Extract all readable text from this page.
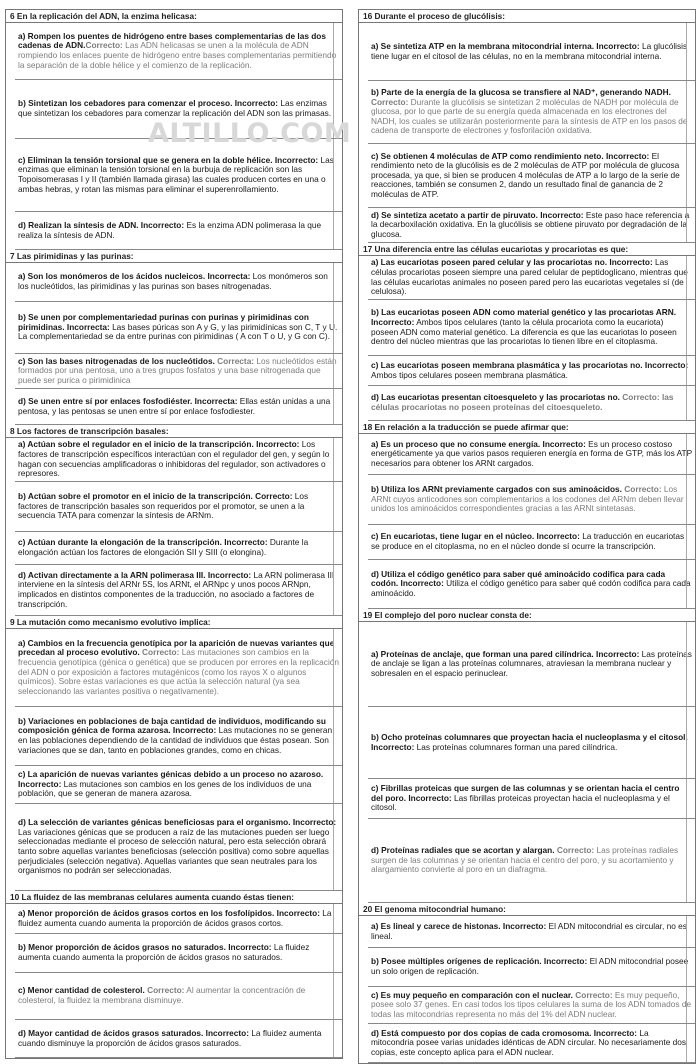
6 En la replicación del ADN, la enzima helicasa:
a) Rompen los puentes de hidrógeno entre bases complementarias de las dos cadenas de ADN.Correcto: Las ADN helicasas se unen a la molécula de ADN rompiendo los enlaces puente de hidrógeno entre bases complementarias permitiendo la separación de la doble hélice y el comienzo de la replicación.
b) Sintetizan los cebadores para comenzar el proceso. Incorrecto: Las enzimas que sintetizan los cebadores para comenzar la replicación del ADN son las primasas.
c) Eliminan la tensión torsional que se genera en la doble hélice. Incorrecto: Las enzimas que eliminan la tensión torsional en la burbuja de replicación son las Topoisomerasas I y II (también llamada girasa) las cuales producen cortes en una o ambas hebras, y rotan las mismas para eliminar el superenrollamiento.
d) Realizan la síntesis de ADN. Incorrecto: Es la enzima ADN polimerasa la que realiza la síntesis de ADN.
7 Las pirimidinas y las purinas:
a) Son los monómeros de los ácidos nucleicos. Incorrecta: Los monómeros son los nucleótidos, las pirimidinas y las purinas son bases nitrogenadas.
b) Se unen por complementariedad purinas con purinas y pirimidinas con pirimidinas. Incorrecta: Las bases púricas son A y G, y las pirimidínicas son C, T y U. La complementariedad se da entre purinas con pirimidinas ( A con T o U, y G con C).
c) Son las bases nitrogenadas de los nucleótidos. Correcta: Los nucleótidos están formados por una pentosa, uno a tres grupos fosfatos y una base nitrogenada que puede ser purica o pirimidinica
d) Se unen entre sí por enlaces fosfodiéster. Incorrecta: Ellas están unidas a una pentosa, y las pentosas se unen entre sí por enlace fosfodiester.
8 Los factores de transcripción basales:
a) Actúan sobre el regulador en el inicio de la transcripción. Incorrecto: Los factores de transcripción específicos interactúan con el regulador del gen, y según lo hagan con secuencias amplificadoras o inhibidoras del regulador, son activadores o represores.
b) Actúan sobre el promotor en el inicio de la transcripción. Correcto: Los factores de transcripción basales son requeridos por el promotor, se unen a la secuencia TATA para comenzar la síntesis de ARNm.
c) Actúan durante la elongación de la transcripción. Incorrecto: Durante la elongación actúan los factores de elongación SII y SIII (o elongina).
d) Activan directamente a la ARN polimerasa III. Incorrecto: La ARN polimerasa III interviene en la síntesis del ARNr 5S, los ARNt, el ARNpc y unos pocos ARNpn, implicados en distintos componentes de la traducción, no asociado a factores de transcripción.
9 La mutación como mecanismo evolutivo implica:
a) Cambios en la frecuencia genotípica por la aparición de nuevas variantes que precedan al proceso evolutivo. Correcto: Las mutaciones son cambios en la frecuencia genotípica (génica o genética) que se producen por errores en la replicación del ADN o por exposición a factores mutagénicos (como los rayos X o algunos químicos). Sobre estas variaciones es que actúa la selección natural (ya sea seleccionando las variantes positiva o negativamente).
b) Variaciones en poblaciones de baja cantidad de individuos, modificando su composición génica de forma azarosa. Incorrecto: Las mutaciones no se generan en las poblaciones dependiendo de la cantidad de individuos que éstas posean. Son variaciones que se dan, tanto en poblaciones grandes, como en chicas.
c) La aparición de nuevas variantes génicas debido a un proceso no azaroso. Incorrecto: Las mutaciones son cambios en los genes de los individuos de una población, que se generan de manera azarosa.
d) La selección de variantes génicas beneficiosas para el organismo. Incorrecto: Las variaciones génicas que se producen a raíz de las mutaciones pueden ser luego seleccionadas mediante el proceso de selección natural, pero esta selección obrará tanto sobre aquellas variantes beneficiosas (selección positiva) como sobre aquellas perjudiciales (selección negativa). Aquellas variantes que sean neutrales para los organismos no podrán ser seleccionadas.
10 La fluidez de las membranas celulares aumenta cuando éstas tienen:
a) Menor proporción de ácidos grasos cortos en los fosfolípidos. Incorrecto: La fluidez aumenta cuando aumenta la proporción de ácidos grasos cortos.
b) Menor proporción de ácidos grasos no saturados. Incorrecto: La fluidez aumenta cuando aumenta la proporción de ácidos grasos no saturados.
c) Menor cantidad de colesterol. Correcto: Al aumentar la concentración de colesterol, la fluidez la membrana disminuye.
d) Mayor cantidad de ácidos grasos saturados. Incorrecto: La fluidez aumenta cuando disminuye la proporción de ácidos grasos saturados.
16 Durante el proceso de glucólisis:
a) Se sintetiza ATP en la membrana mitocondrial interna. Incorrecto: La glucólisis tiene lugar en el citosol de las células, no en la membrana mitocondrial interna.
b) Parte de la energía de la glucosa se transfiere al NAD⁺, generando NADH. Correcto: Durante la glucólisis se sintetizan 2 moléculas de NADH por molécula de glucosa, por lo que parte de su energía queda almacenada en los electrones del NADH, los cuales se utilizarán posteriormente para la síntesis de ATP en los pasos de cadena de transporte de electrones y fosforilación oxidativa.
c) Se obtienen 4 moléculas de ATP como rendimiento neto. Incorrecto: El rendimiento neto de la glucólisis es de 2 moléculas de ATP por molécula de glucosa procesada, ya que, si bien se producen 4 moléculas de ATP a lo largo de la serie de reacciones, también se consumen 2, dando un resultado final de ganancia de 2 moléculas de ATP.
d) Se sintetiza acetato a partir de piruvato. Incorrecto: Este paso hace referencia a la decarboxilación oxidativa. En la glucólisis se obtiene piruvato por degradación de la glucosa.
17 Una diferencia entre las células eucariotas y procariotas es que:
a) Las eucariotas poseen pared celular y las procariotas no. Incorrecto: Las células procariotas poseen siempre una pared celular de peptidoglicano, mientras que las células eucariotas animales no poseen pared pero las eucariotas vegetales sí (de celulosa).
b) Las eucariotas poseen ADN como material genético y las procariotas ARN. Incorrecto: Ambos tipos celulares (tanto la célula procariota como la eucariota) poseen ADN como material genético. La diferencia es que las eucariotas lo poseen dentro del núcleo mientras que las procariotas lo tienen libre en el citoplasma.
c) Las eucariotas poseen membrana plasmática y las procariotas no. Incorrecto: Ambos tipos celulares poseen membrana plasmática.
d) Las eucariotas presentan citoesqueleto y las procariotas no. Correcto: las células procariotas no poseen proteínas del citoesqueleto.
18 En relación a la traducción se puede afirmar que:
a) Es un proceso que no consume energía. Incorrecto: Es un proceso costoso energéticamente ya que varios pasos requieren energía en forma de GTP, más los ATP necesarios para obtener los ARNt cargados.
b) Utiliza los ARNt previamente cargados con sus aminoácidos. Correcto: Los ARNt cuyos anticodones son complementarios a los codones del ARNm deben llevar unidos los aminoácidos correspondientes gracias a las ARNt sintetasas.
c) En eucariotas, tiene lugar en el núcleo. Incorrecto: La traducción en eucariotas se produce en el citoplasma, no en el núcleo donde sí ocurre la transcripción.
d) Utiliza el código genético para saber qué aminoácido codifica para cada codón. Incorrecto: Utiliza el código genético para saber qué codón codifica para cada aminoácido.
19 El complejo del poro nuclear consta de:
a) Proteínas de anclaje, que forman una pared cilíndrica. Incorrecto: Las proteínas de anclaje se ligan a las proteínas columnares, atraviesan la membrana nuclear y sobresalen en el espacio perinuclear.
b) Ocho proteínas columnares que proyectan hacia el nucleoplasma y el citosol. Incorrecto: Las proteínas columnares forman una pared cilíndrica.
c) Fibrillas proteicas que surgen de las columnas y se orientan hacia el centro del poro. Incorrecto: Las fibrillas proteicas proyectan hacia el nucleoplasma y el citosol.
d) Proteínas radiales que se acortan y alargan. Correcto: Las proteínas radiales surgen de las columnas y se orientan hacia el centro del poro, y su acortamiento y alargamiento convierte al poro en un diafragma.
20 El genoma mitocondrial humano:
a) Es lineal y carece de histonas. Incorrecto: El ADN mitocondrial es circular, no es lineal.
b) Posee múltiples orígenes de replicación. Incorrecto: El ADN mitocondrial posee un solo origen de replicación.
c) Es muy pequeño en comparación con el nuclear. Correcto: Es muy pequeño, posee solo 37 genes. En casi todos los tipos celulares la suma de los ADN tomados de todas las mitocondrias representa no más del 1% del ADN nuclear.
d) Está compuesto por dos copias de cada cromosoma. Incorrecto: La mitocondria posee varias unidades idénticas de ADN circular. No necesariamente dos copias, este concepto aplica para el ADN nuclear.
ALTILLO.COM
